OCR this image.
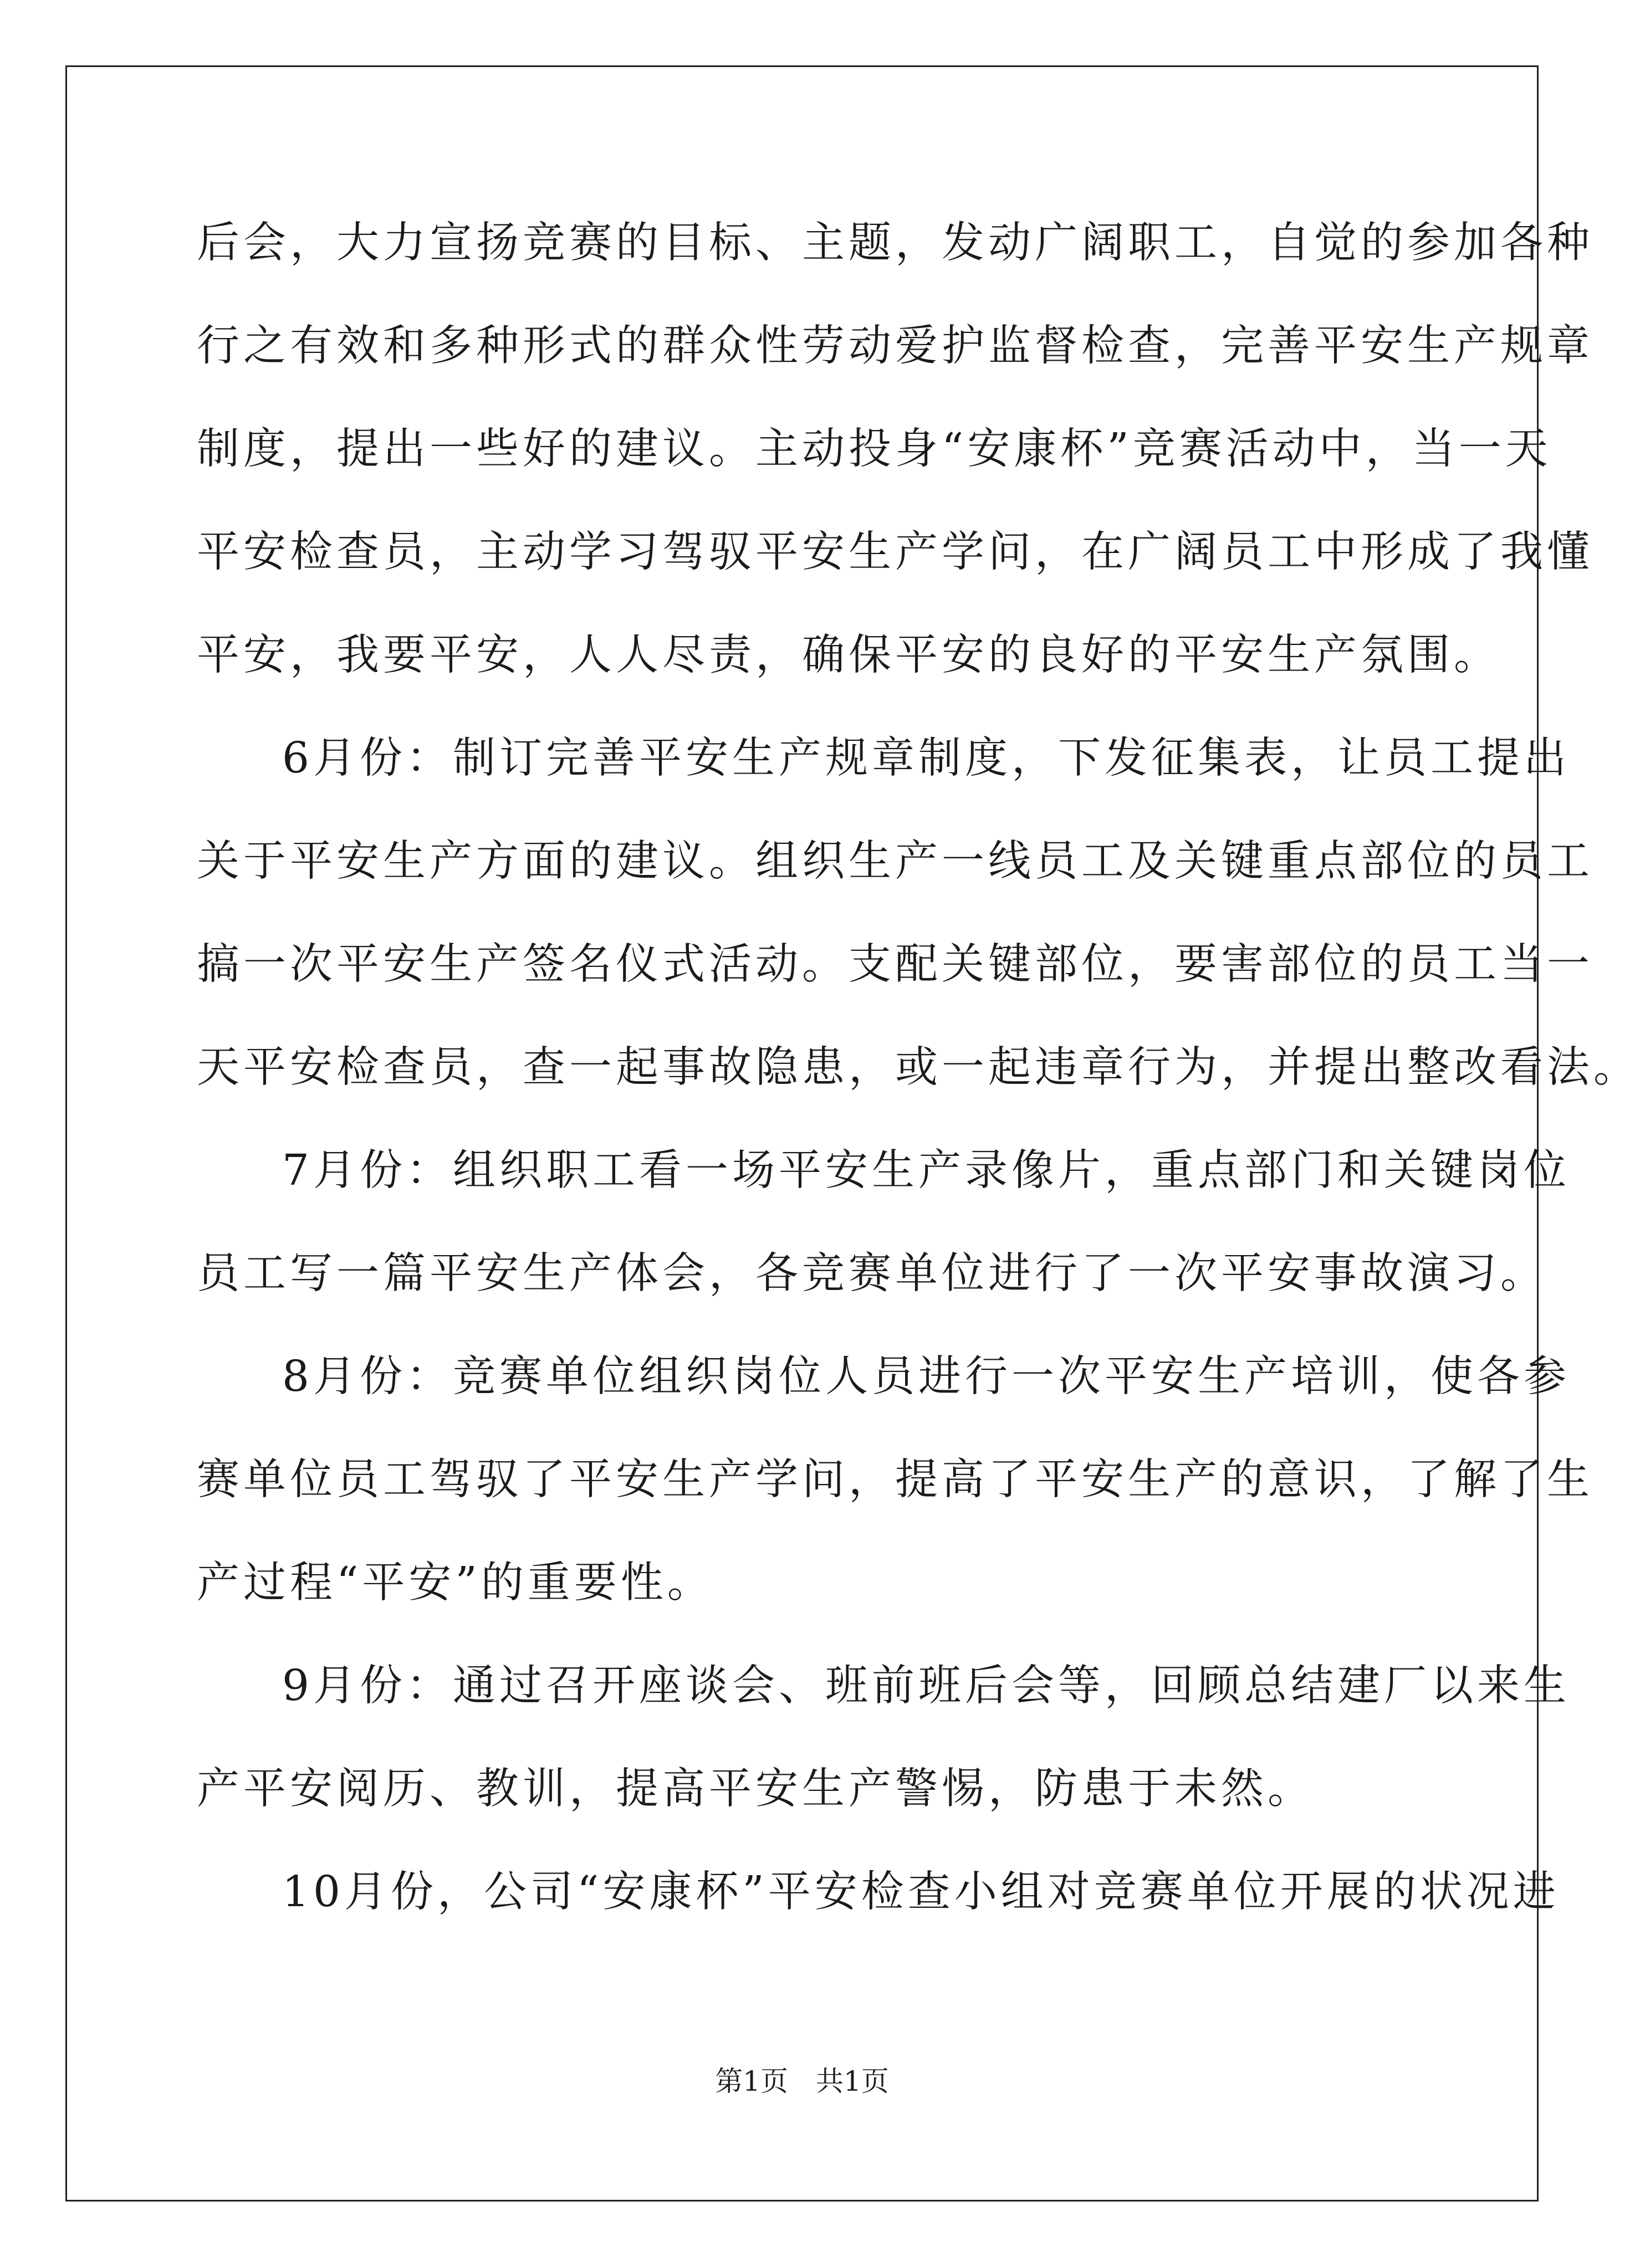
后会，大力宣扬竞赛的目标、主题，发动广阔职工，自觉的参加各种
行之有效和多种形式的群众性劳动爱护监督检查，完善平安生产规章
制度，提出一些好的建议。主动投身“安康杯”竞赛活动中，当一天
平安检查员，主动学习驾驭平安生产学问，在广阔员工中形成了我懂
平安，我要平安，人人尽责，确保平安的良好的平安生产氛围。
6月份：制订完善平安生产规章制度，下发征集表，让员工提出
关于平安生产方面的建议。组织生产一线员工及关键重点部位的员工
搞一次平安生产签名仪式活动。支配关键部位，要害部位的员工当一
天平安检查员，查一起事故隐患，或一起违章行为，并提出整改看法。
7月份：组织职工看一场平安生产录像片，重点部门和关键岗位
员工写一篇平安生产体会，各竞赛单位进行了一次平安事故演习。
8月份：竞赛单位组织岗位人员进行一次平安生产培训，使各参
赛单位员工驾驭了平安生产学问，提高了平安生产的意识，了解了生
产过程“平安”的重要性。
9月份：通过召开座谈会、班前班后会等，回顾总结建厂以来生
产平安阅历、教训，提高平安生产警惕，防患于未然。
10月份，公司“安康杯”平安检查小组对竞赛单位开展的状况进
第1页 共1页
